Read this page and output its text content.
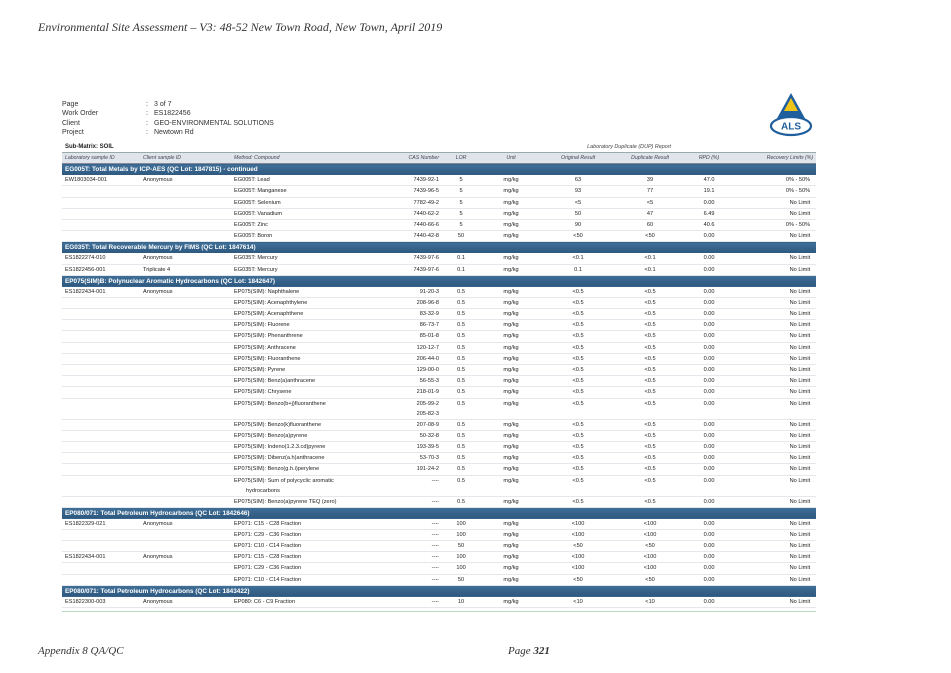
Environmental Site Assessment – V3: 48-52 New Town Road, New Town, April 2019
Page	: 3 of 7
Work Order	: ES1822456
Client	: GEO-ENVIRONMENTAL SOLUTIONS
Project	: Newtown Rd	ALS
Sub-Matrix: SOIL				Laboratory Duplicate (DUP) Report					
Laboratory sample ID	Client sample ID	Method: Compound	CAS Number	LOR	Unit	Original Result	Duplicate Result	RPD (%)	Recovery Limits (%)
EG005T: Total Metals by ICP-AES (QC Lot: 1847815) - continued									

EW1803034-001	Anonymous	EG005T: Lead	7439-92-1	5	mg/kg	63	39	47.0	0% - 50%

		EG005T: Manganese	7439-96-5	5	mg/kg	93	77	19.1	0% - 50%

		EG005T: Selenium	7782-49-2	5	mg/kg	<5	<5	0.00	No Limit

		EG005T: Vanadium	7440-62-2	5	mg/kg	50	47	6.49	No Limit

		EG005T: Zinc	7440-66-6	5	mg/kg	90	60	40.6	0% - 50%

		EG005T: Boron	7440-42-8	50	mg/kg	<50	<50	0.00	No Limit

EG035T: Total Recoverable Mercury by FIMS (QC Lot: 1847614)									

ES1822274-010	Anonymous	EG035T: Mercury	7439-97-6	0.1	mg/kg	<0.1	<0.1	0.00	No Limit

ES1822456-001	Triplicate 4	EG035T: Mercury	7439-97-6	0.1	mg/kg	0.1	<0.1	0.00	No Limit

EP075(SIM)B: Polynuclear Aromatic Hydrocarbons (QC Lot: 1842647)									

ES1822434-001	Anonymous	EP075(SIM): Naphthalene	91-20-3	0.5	mg/kg	<0.5	<0.5	0.00	No Limit

		EP075(SIM): Acenaphthylene	208-96-8	0.5	mg/kg	<0.5	<0.5	0.00	No Limit

		EP075(SIM): Acenaphthene	83-32-9	0.5	mg/kg	<0.5	<0.5	0.00	No Limit

		EP075(SIM): Fluorene	86-73-7	0.5	mg/kg	<0.5	<0.5	0.00	No Limit

		EP075(SIM): Phenanthrene	85-01-8	0.5	mg/kg	<0.5	<0.5	0.00	No Limit

		EP075(SIM): Anthracene	120-12-7	0.5	mg/kg	<0.5	<0.5	0.00	No Limit

		EP075(SIM): Fluoranthene	206-44-0	0.5	mg/kg	<0.5	<0.5	0.00	No Limit

		EP075(SIM): Pyrene	129-00-0	0.5	mg/kg	<0.5	<0.5	0.00	No Limit

		EP075(SIM): Benz(a)anthracene	56-55-3	0.5	mg/kg	<0.5	<0.5	0.00	No Limit

		EP075(SIM): Chrysene	218-01-9	0.5	mg/kg	<0.5	<0.5	0.00	No Limit

		EP075(SIM): Benzo(b+j)fluoranthene	205-99-2
205-82-3	0.5	mg/kg	<0.5	<0.5	0.00	No Limit

		EP075(SIM): Benzo(k)fluoranthene	207-08-9	0.5	mg/kg	<0.5	<0.5	0.00	No Limit

		EP075(SIM): Benzo(a)pyrene	50-32-8	0.5	mg/kg	<0.5	<0.5	0.00	No Limit

		EP075(SIM): Indeno(1.2.3.cd)pyrene	193-39-5	0.5	mg/kg	<0.5	<0.5	0.00	No Limit

		EP075(SIM): Dibenz(a.h)anthracene	53-70-3	0.5	mg/kg	<0.5	<0.5	0.00	No Limit

		EP075(SIM): Benzo(g.h.i)perylene	191-24-2	0.5	mg/kg	<0.5	<0.5	0.00	No Limit

		EP075(SIM): Sum of polycyclic aromatic
hydrocarbons	----	0.5	mg/kg	<0.5	<0.5	0.00	No Limit

		EP075(SIM): Benzo(a)pyrene TEQ (zero)	----	0.5	mg/kg	<0.5	<0.5	0.00	No Limit

EP080/071: Total Petroleum Hydrocarbons (QC Lot: 1842646)									

ES1822329-021	Anonymous	EP071: C15 - C28 Fraction	----	100	mg/kg	<100	<100	0.00	No Limit

		EP071: C29 - C36 Fraction	----	100	mg/kg	<100	<100	0.00	No Limit

		EP071: C10 - C14 Fraction	----	50	mg/kg	<50	<50	0.00	No Limit

ES1822434-001	Anonymous	EP071: C15 - C28 Fraction	----	100	mg/kg	<100	<100	0.00	No Limit

		EP071: C29 - C36 Fraction	----	100	mg/kg	<100	<100	0.00	No Limit

		EP071: C10 - C14 Fraction	----	50	mg/kg	<50	<50	0.00	No Limit

EP080/071: Total Petroleum Hydrocarbons (QC Lot: 1843422)									

ES1822300-003	Anonymous	EP080: C6 - C9 Fraction	----	10	mg/kg	<10	<10	0.00	No Limit
Appendix 8 QA/QC	Page 321
